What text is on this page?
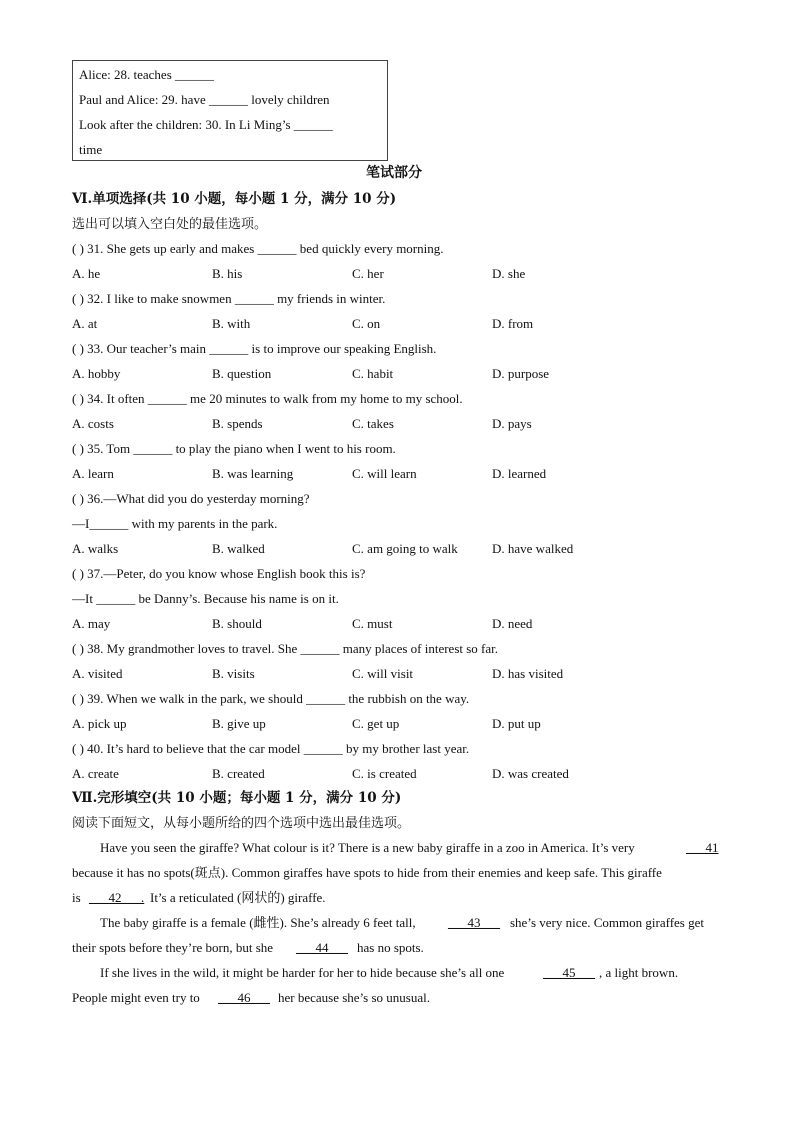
Alice: 28. teaches ______
Paul and Alice: 29. have ______ lovely children
Look after the children: 30. In Li Ming’s ______
time
笔试部分
Ⅵ.单项选择(共 10 小题，每小题 1 分，满分 10 分)
选出可以填入空白处的最佳选项。
( ) 31. She gets up early and makes ______ bed quickly every morning.
A. he	B. his	C. her	D. she
( ) 32. I like to make snowmen ______ my friends in winter.
A. at	B. with	C. on	D. from
( ) 33. Our teacher’s main ______ is to improve our speaking English.
A. hobby	B. question	C. habit	D. purpose
( ) 34. It often ______ me 20 minutes to walk from my home to my school.
A. costs	B. spends	C. takes	D. pays
( ) 35. Tom ______ to play the piano when I went to his room.
A. learn	B. was learning	C. will learn	D. learned
( ) 36.—What did you do yesterday morning?
—I______ with my parents in the park.
A. walks	B. walked	C. am going to walk	D. have walked
( ) 37.—Peter, do you know whose English book this is?
—It ______ be Danny’s. Because his name is on it.
A. may	B. should	C. must	D. need
( ) 38. My grandmother loves to travel. She ______ many places of interest so far.
A. visited	B. visits	C. will visit	D. has visited
( ) 39. When we walk in the park, we should ______ the rubbish on the way.
A. pick up	B. give up	C. get up	D. put up
( ) 40. It’s hard to believe that the car model ______ by my brother last year.
A. create	B. created	C. is created	D. was created
Ⅶ.完形填空(共 10 小题；每小题 1 分，满分 10 分)
阅读下面短文，从每小题所给的四个选项中选出最佳选项。
Have you seen the giraffe? What colour is it? There is a new baby giraffe in a zoo in America. It’s very	___41
because it has no spots(斑点). Common giraffes have spots to hide from their enemies and keep safe. This giraffe
is ___42___. It’s a reticulated (网状的) giraffe.
The baby giraffe is a female (雌性). She’s already 6 feet tall, ___43___ she’s very nice. Common giraffes get
their spots before they’re born, but she ___44___ has no spots.
If she lives in the wild, it might be harder for her to hide because she’s all one	___45___ , a light brown.
People might even try to ___46___ her because she’s so unusual.
